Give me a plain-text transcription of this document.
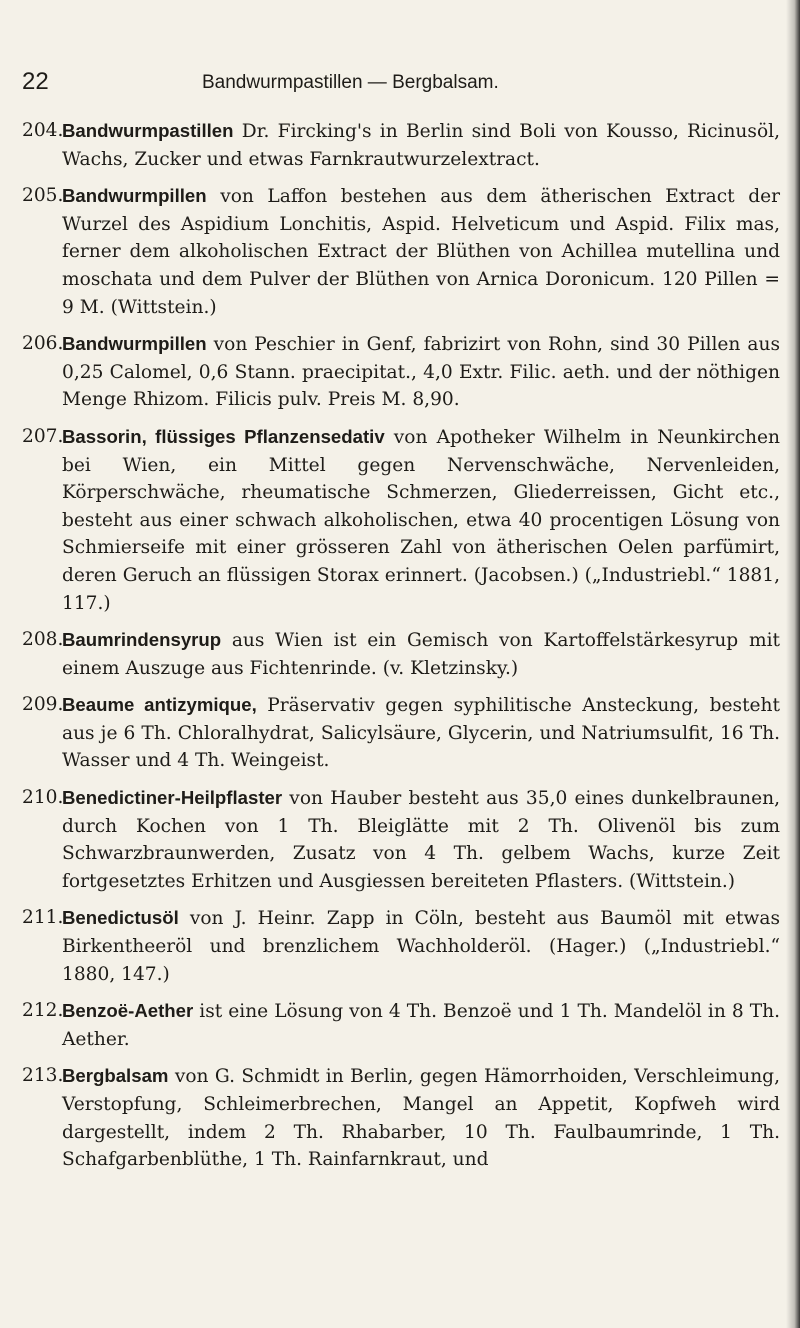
22	Bandwurmpastillen — Bergbalsam.
204.
Bandwurmpastillen Dr. Fircking's in Berlin sind Boli von Kousso, Ricinusöl, Wachs, Zucker und etwas Farnkrautwurzelextract.
205.
Bandwurmpillen von Laffon bestehen aus dem ätherischen Extract der Wurzel des Aspidium Lonchitis, Aspid. Helveticum und Aspid. Filix mas, ferner dem alkoholischen Extract der Blüthen von Achillea mutellina und moschata und dem Pulver der Blüthen von Arnica Doronicum. 120 Pillen = 9 M. (Wittstein.)
206.
Bandwurmpillen von Peschier in Genf, fabrizirt von Rohn, sind 30 Pillen aus 0,25 Calomel, 0,6 Stann. praecipitat., 4,0 Extr. Filic. aeth. und der nöthigen Menge Rhizom. Filicis pulv. Preis M. 8,90.
207.
Bassorin, flüssiges Pflanzensedativ von Apotheker Wilhelm in Neunkirchen bei Wien, ein Mittel gegen Nervenschwäche, Nervenleiden, Körperschwäche, rheumatische Schmerzen, Gliederreissen, Gicht etc., besteht aus einer schwach alkoholischen, etwa 40 procentigen Lösung von Schmierseife mit einer grösseren Zahl von ätherischen Oelen parfümirt, deren Geruch an flüssigen Storax erinnert. (Jacobsen.) („Industriebl.“ 1881, 117.)
208.
Baumrindensyrup aus Wien ist ein Gemisch von Kartoffelstärkesyrup mit einem Auszuge aus Fichtenrinde. (v. Kletzinsky.)
209.
Beaume antizymique, Präservativ gegen syphilitische Ansteckung, besteht aus je 6 Th. Chloralhydrat, Salicylsäure, Glycerin, und Natriumsulfit, 16 Th. Wasser und 4 Th. Weingeist.
210.
Benedictiner-Heilpflaster von Hauber besteht aus 35,0 eines dunkelbraunen, durch Kochen von 1 Th. Bleiglätte mit 2 Th. Olivenöl bis zum Schwarzbraunwerden, Zusatz von 4 Th. gelbem Wachs, kurze Zeit fortgesetztes Erhitzen und Ausgiessen bereiteten Pflasters. (Wittstein.)
211.
Benedictusöl von J. Heinr. Zapp in Cöln, besteht aus Baumöl mit etwas Birkentheeröl und brenzlichem Wachholderöl. (Hager.) („Industriebl.“ 1880, 147.)
212.
Benzoë-Aether ist eine Lösung von 4 Th. Benzoë und 1 Th. Mandelöl in 8 Th. Aether.
213.
Bergbalsam von G. Schmidt in Berlin, gegen Hämorrhoiden, Verschleimung, Verstopfung, Schleimerbrechen, Mangel an Appetit, Kopfweh wird dargestellt, indem 2 Th. Rhabarber, 10 Th. Faulbaumrinde, 1 Th. Schafgarbenblüthe, 1 Th. Rainfarnkraut, und
